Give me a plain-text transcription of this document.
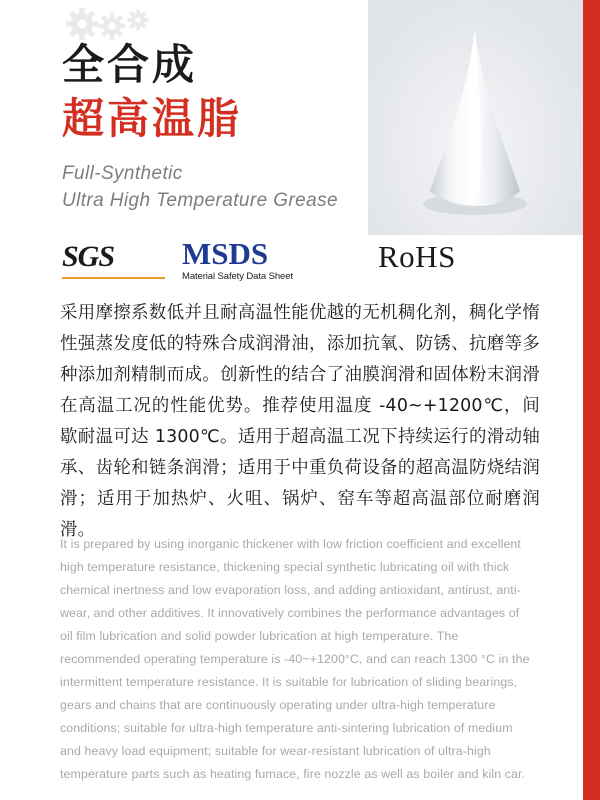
全合成
超高温脂
Full-Synthetic
Ultra High Temperature Grease
SGS	MSDS
Material Safety Data Sheet
RoHS
采用摩擦系数低并且耐高温性能优越的无机稠化剂，稠化学惰性强蒸发度低的特殊合成润滑油，添加抗氧、防锈、抗磨等多种添加剂精制而成。创新性的结合了油膜润滑和固体粉末润滑在高温工况的性能优势。推荐使用温度 -40~+1200℃，间歇耐温可达 1300℃。适用于超高温工况下持续运行的滑动轴承、齿轮和链条润滑；适用于中重负荷设备的超高温防烧结润滑；适用于加热炉、火咀、锅炉、窑车等超高温部位耐磨润滑。
It is prepared by using inorganic thickener with low friction coefficient and excellent high temperature resistance, thickening special synthetic lubricating oil with thick chemical inertness and low evaporation loss, and adding antioxidant, antirust, anti-wear, and other additives. It innovatively combines the performance advantages of oil film lubrication and solid powder lubrication at high temperature. The recommended operating temperature is -40~+1200°C, and can reach 1300 °C in the intermittent temperature resistance. It is suitable for lubrication of sliding bearings, gears and chains that are continuously operating under ultra-high temperature conditions; suitable for ultra-high temperature anti-sintering lubrication of medium and heavy load equipment; suitable for wear-resistant lubrication of ultra-high temperature parts such as heating fumace, fire nozzle as well as boiler and kiln car.
